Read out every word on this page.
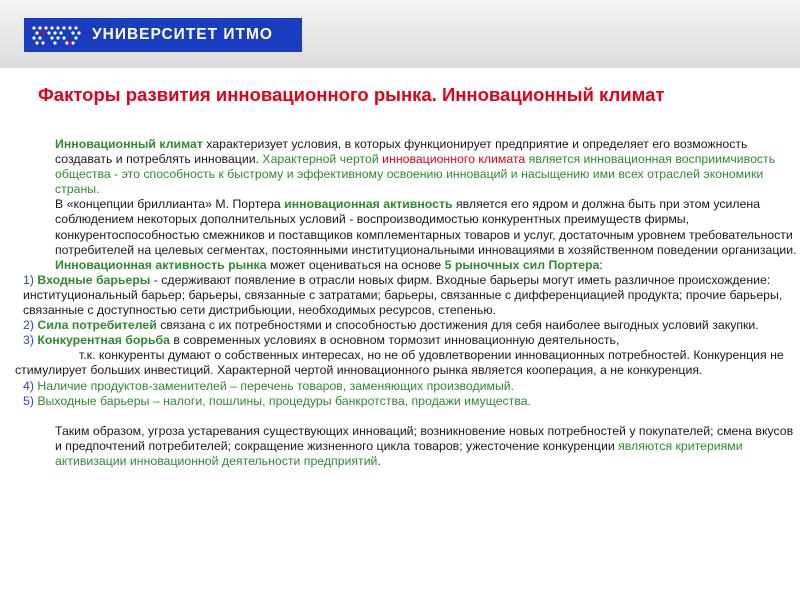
УНИВЕРСИТЕТ ИТМО
Факторы развития инновационного рынка. Инновационный климат

Инновационный климат характеризует условия, в которых функционирует предприятие и определяет его возможность создавать и потреблять инновации. Характерной чертой инновационного климата является инновационная восприимчивость общества - это способность к быстрому и эффективному освоению инноваций и насыщению ими всех отраслей экономики страны.

В «концепции бриллианта» М. Портера инновационная активность является его ядром и должна быть при этом усилена соблюдением некоторых дополнительных условий - воспроизводимостью конкурентных преимуществ фирмы, конкурентоспособностью смежников и поставщиков комплементарных товаров и услуг, достаточным уровнем требовательности потребителей на целевых сегментах, постоянными институциональными инновациями в хозяйственном поведении организации.

Инновационная активность рынка может оцениваться на основе 5 рыночных сил Портера:

1) Входные барьеры - сдерживают появление в отрасли новых фирм. Входные барьеры могут иметь различное происхождение: институциональный барьер; барьеры, связанные с затратами; барьеры, связанные с дифференциацией продукта; прочие барьеры, связанные с доступностью сети дистрибьюции, необходимых ресурсов, степенью.

2) Сила потребителей связана с их потребностями и способностью достижения для себя наиболее выгодных условий закупки.

3) Конкурентная борьба в современных условиях в основном тормозит инновационную деятельность,

т.к. конкуренты думают о собственных интересах, но не об удовлетворении инновационных потребностей. Конкуренция не стимулирует больших инвестиций. Характерной чертой инновационного рынка является кооперация, а не конкуренция.

4) Наличие продуктов-заменителей – перечень товаров, заменяющих производимый.

5) Выходные барьеры – налоги, пошлины, процедуры банкротства, продажи имущества.

Таким образом, угроза устаревания существующих инноваций; возникновение новых потребностей у покупателей; смена вкусов и предпочтений потребителей; сокращение жизненного цикла товаров; ужесточение конкуренции являются критериями активизации инновационной деятельности предприятий.
